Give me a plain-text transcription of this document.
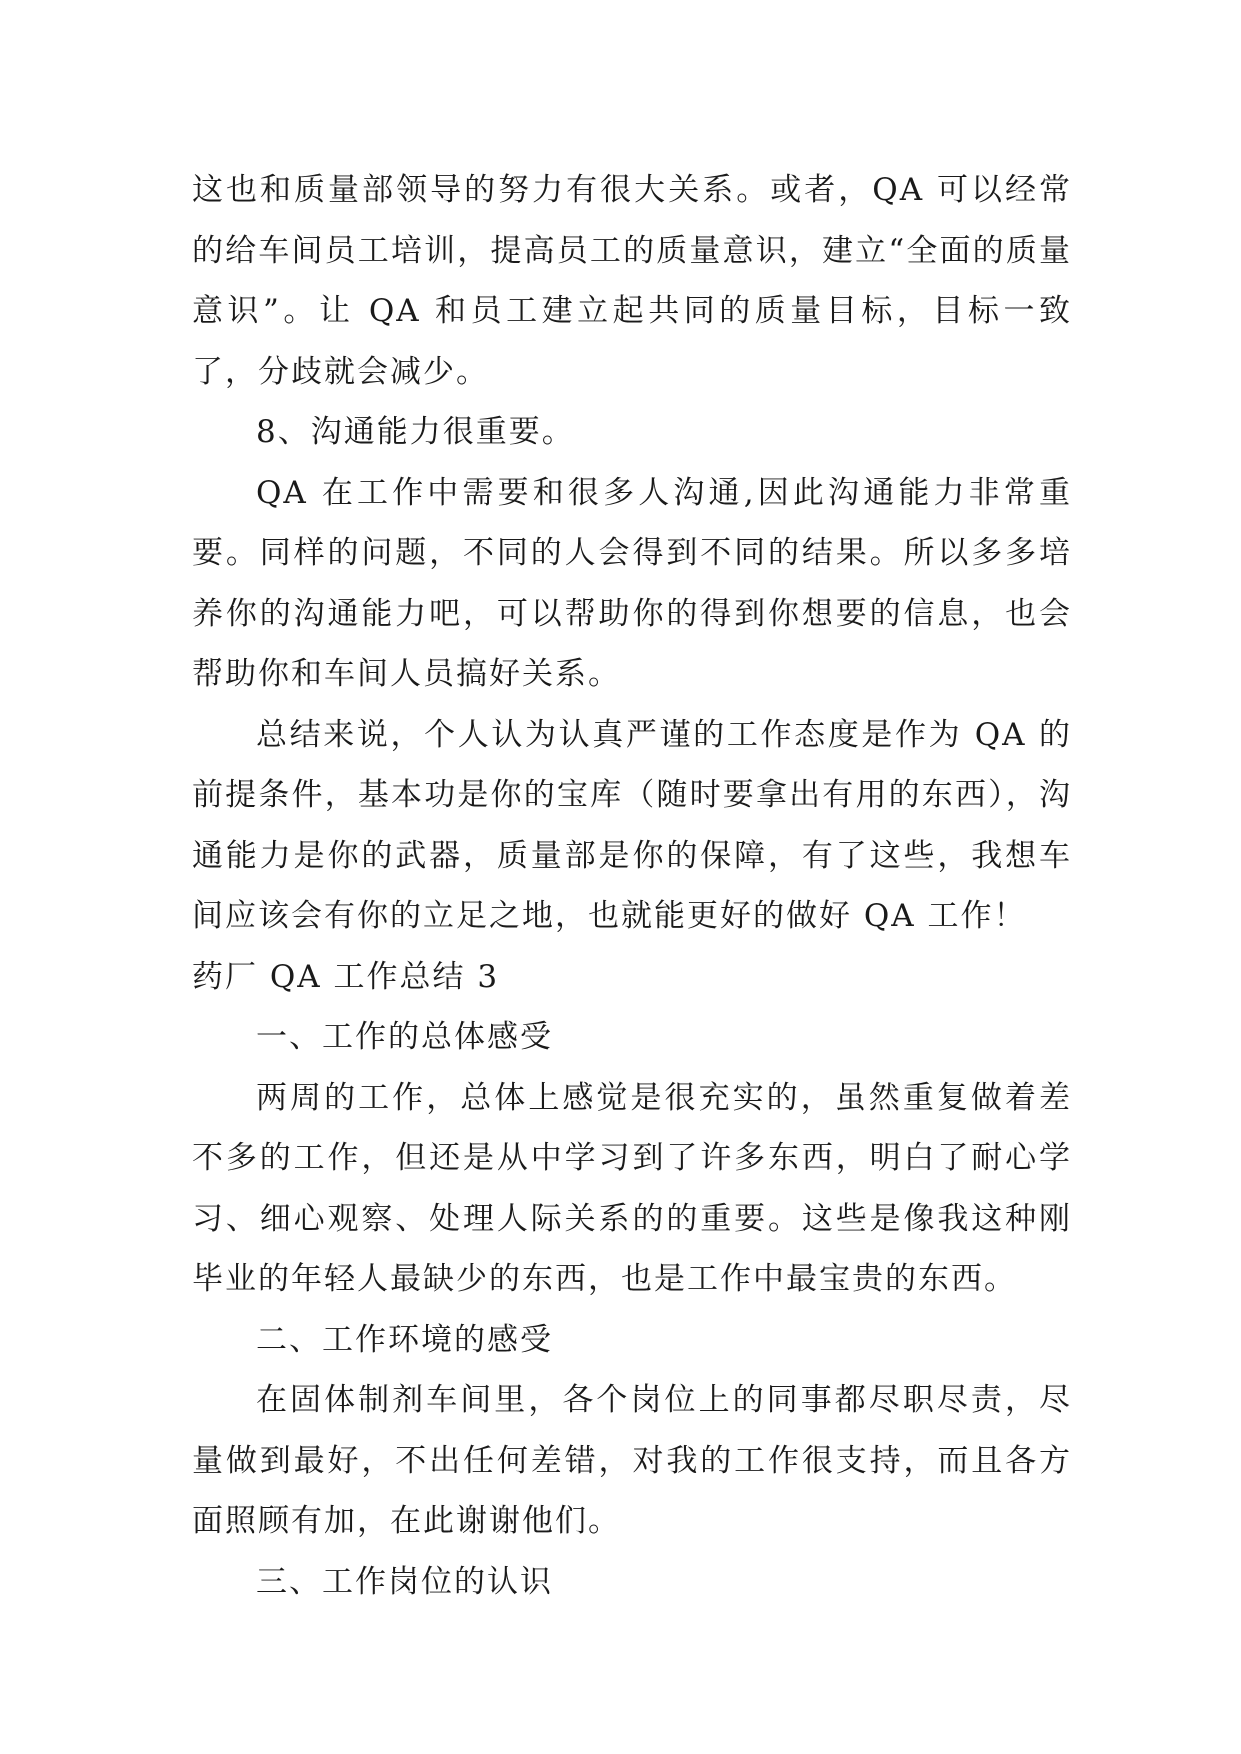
这也和质量部领导的努力有很大关系。或者，QA 可以经常的给车间员工培训，提高员工的质量意识，建立“全面的质量意识”。让 QA 和员工建立起共同的质量目标，目标一致了，分歧就会减少。

8、沟通能力很重要。

QA 在工作中需要和很多人沟通,因此沟通能力非常重要。同样的问题，不同的人会得到不同的结果。所以多多培养你的沟通能力吧，可以帮助你的得到你想要的信息，也会帮助你和车间人员搞好关系。

总结来说，个人认为认真严谨的工作态度是作为 QA 的前提条件，基本功是你的宝库（随时要拿出有用的东西），沟通能力是你的武器，质量部是你的保障，有了这些，我想车间应该会有你的立足之地，也就能更好的做好 QA 工作！

药厂 QA 工作总结 3

一、工作的总体感受

两周的工作，总体上感觉是很充实的，虽然重复做着差不多的工作，但还是从中学习到了许多东西，明白了耐心学习、细心观察、处理人际关系的的重要。这些是像我这种刚毕业的年轻人最缺少的东西，也是工作中最宝贵的东西。

二、工作环境的感受

在固体制剂车间里，各个岗位上的同事都尽职尽责，尽量做到最好，不出任何差错，对我的工作很支持，而且各方面照顾有加，在此谢谢他们。

三、工作岗位的认识
